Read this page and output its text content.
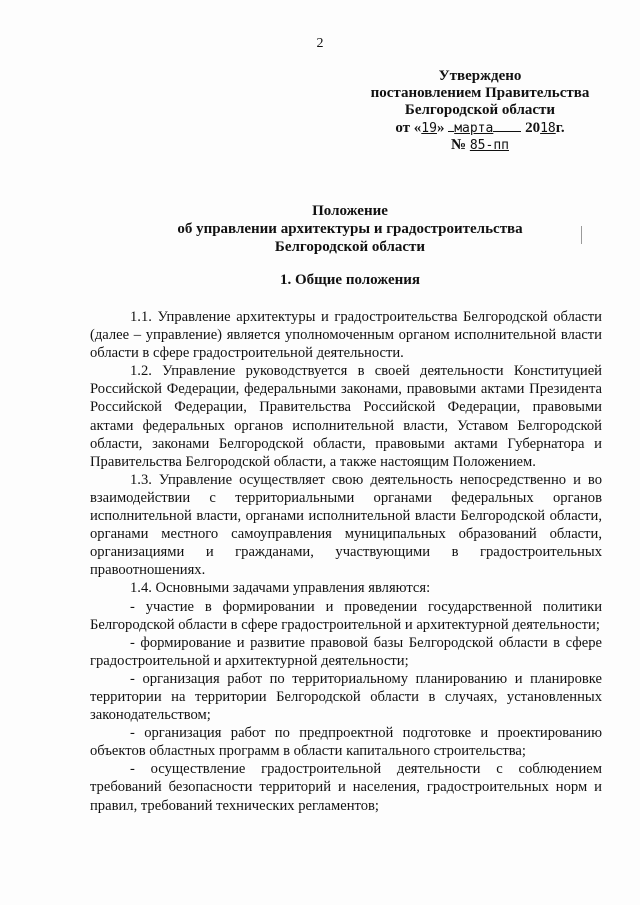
2
Утверждено
постановлением Правительства
Белгородской области
от «19» марта 2018г.
№ 85-пп
Положение
об управлении архитектуры и градостроительства
Белгородской области
1. Общие положения

1.1. Управление архитектуры и градостроительства Белгородской области (далее – управление) является уполномоченным органом исполнительной власти области в сфере градостроительной деятельности.

1.2. Управление руководствуется в своей деятельности Конституцией Российской Федерации, федеральными законами, правовыми актами Президента Российской Федерации, Правительства Российской Федерации, правовыми актами федеральных органов исполнительной власти, Уставом Белгородской области, законами Белгородской области, правовыми актами Губернатора и Правительства Белгородской области, а также настоящим Положением.

1.3. Управление осуществляет свою деятельность непосредственно и во взаимодействии с территориальными органами федеральных органов исполнительной власти, органами исполнительной власти Белгородской области, органами местного самоуправления муниципальных образований области, организациями и гражданами, участвующими в градостроительных правоотношениях.

1.4. Основными задачами управления являются:

- участие в формировании и проведении государственной политики Белгородской области в сфере градостроительной и архитектурной деятельности;

- формирование и развитие правовой базы Белгородской области в сфере градостроительной и архитектурной деятельности;

- организация работ по территориальному планированию и планировке территории на территории Белгородской области в случаях, установленных законодательством;

- организация работ по предпроектной подготовке и проектированию объектов областных программ в области капитального строительства;

- осуществление градостроительной деятельности с соблюдением требований безопасности территорий и населения, градостроительных норм и правил, требований технических регламентов;
